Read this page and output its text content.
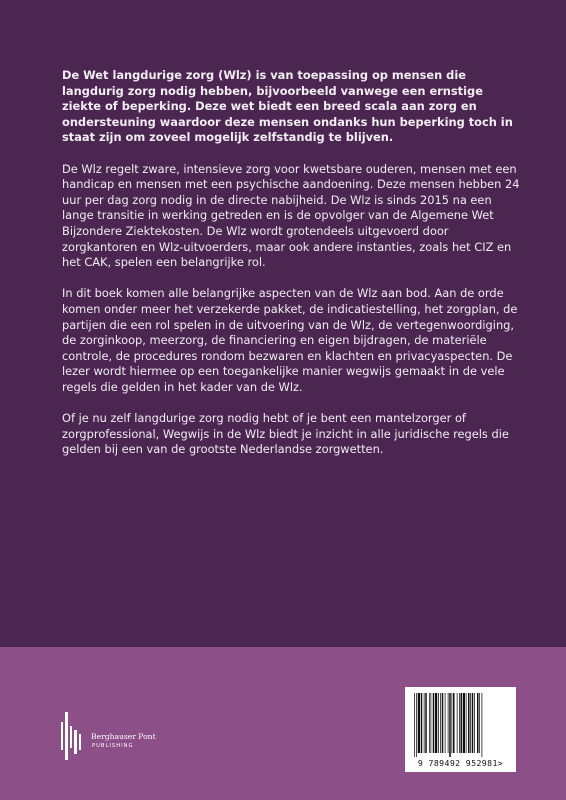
De Wet langdurige zorg (Wlz) is van toepassing op mensen die langdurig zorg nodig hebben, bijvoorbeeld vanwege een ernstige ziekte of beperking. Deze wet biedt een breed scala aan zorg en ondersteuning waardoor deze mensen ondanks hun beperking toch in staat zijn om zoveel mogelijk zelfstandig te blijven.

De Wlz regelt zware, intensieve zorg voor kwetsbare ouderen, mensen met een handicap en mensen met een psychische aandoening. Deze mensen hebben 24 uur per dag zorg nodig in de directe nabijheid. De Wlz is sinds 2015 na een lange transitie in werking getreden en is de opvolger van de Algemene Wet Bijzondere Ziektekosten. De Wlz wordt grotendeels uitgevoerd door zorgkantoren en Wlz-uitvoerders, maar ook andere instanties, zoals het CIZ en het CAK, spelen een belangrijke rol.

In dit boek komen alle belangrijke aspecten van de Wlz aan bod. Aan de orde komen onder meer het verzekerde pakket, de indicatiestelling, het zorgplan, de partijen die een rol spelen in de uitvoering van de Wlz, de vertegenwoordiging, de zorginkoop, meerzorg, de financiering en eigen bijdragen, de materiële controle, de procedures rondom bezwaren en klachten en privacyaspecten. De lezer wordt hiermee op een toegankelijke manier wegwijs gemaakt in de vele regels die gelden in het kader van de Wlz.

Of je nu zelf langdurige zorg nodig hebt of je bent een mantelzorger of zorgprofessional, Wegwijs in de Wlz biedt je inzicht in alle juridische regels die gelden bij een van de grootste Nederlandse zorgwetten.

Berghauser Pont
PUBLISHING
9 789492 952981>
